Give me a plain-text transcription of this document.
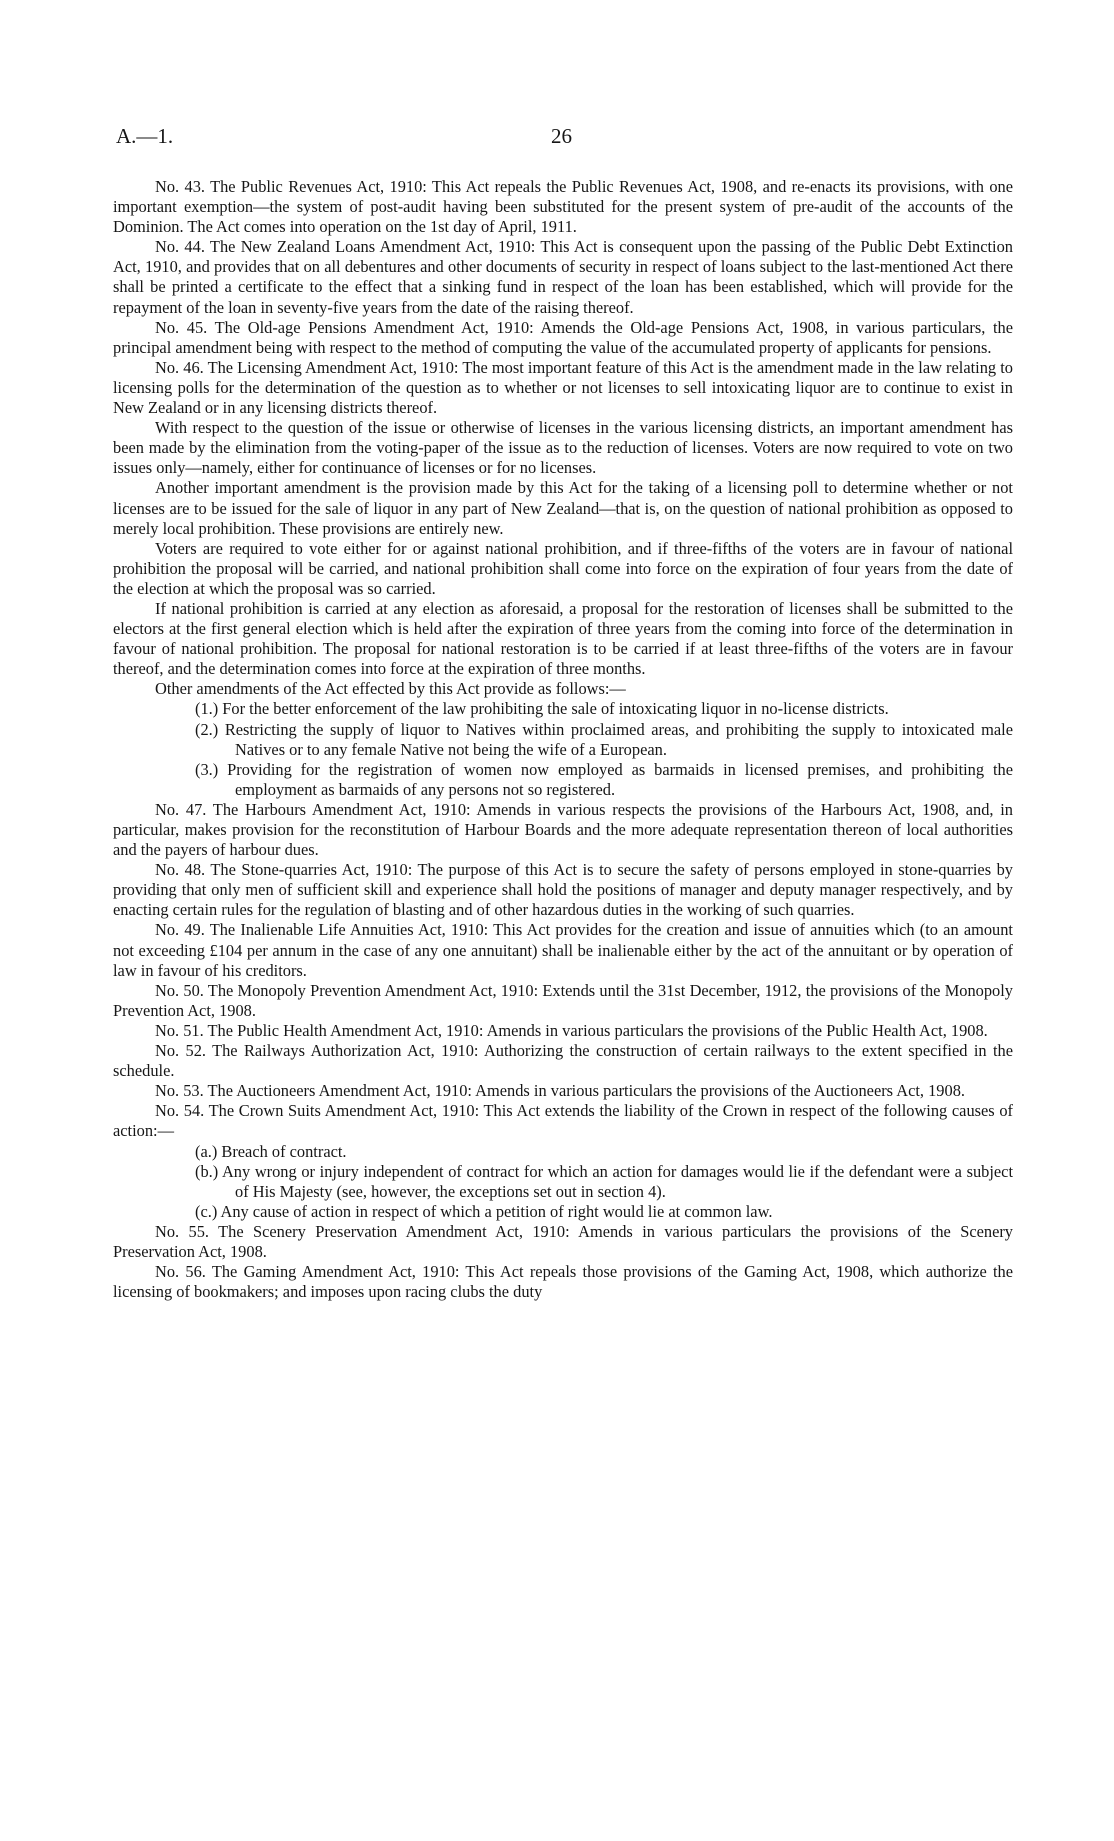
A.—1.	26

No. 43. The Public Revenues Act, 1910: This Act repeals the Public Revenues Act, 1908, and re-enacts its provisions, with one important exemption—the system of post-audit having been substituted for the present system of pre-audit of the accounts of the Dominion. The Act comes into operation on the 1st day of April, 1911.

No. 44. The New Zealand Loans Amendment Act, 1910: This Act is consequent upon the passing of the Public Debt Extinction Act, 1910, and provides that on all debentures and other documents of security in respect of loans subject to the last-mentioned Act there shall be printed a certificate to the effect that a sinking fund in respect of the loan has been established, which will provide for the repayment of the loan in seventy-five years from the date of the raising thereof.

No. 45. The Old-age Pensions Amendment Act, 1910: Amends the Old-age Pensions Act, 1908, in various particulars, the principal amendment being with respect to the method of computing the value of the accumulated property of applicants for pensions.

No. 46. The Licensing Amendment Act, 1910: The most important feature of this Act is the amendment made in the law relating to licensing polls for the determination of the question as to whether or not licenses to sell intoxicating liquor are to continue to exist in New Zealand or in any licensing districts thereof.

With respect to the question of the issue or otherwise of licenses in the various licensing districts, an important amendment has been made by the elimination from the voting-paper of the issue as to the reduction of licenses. Voters are now required to vote on two issues only—namely, either for continuance of licenses or for no licenses.

Another important amendment is the provision made by this Act for the taking of a licensing poll to determine whether or not licenses are to be issued for the sale of liquor in any part of New Zealand—that is, on the question of national prohibition as opposed to merely local prohibition. These provisions are entirely new.

Voters are required to vote either for or against national prohibition, and if three-fifths of the voters are in favour of national prohibition the proposal will be carried, and national prohibition shall come into force on the expiration of four years from the date of the election at which the proposal was so carried.

If national prohibition is carried at any election as aforesaid, a proposal for the restoration of licenses shall be submitted to the electors at the first general election which is held after the expiration of three years from the coming into force of the determination in favour of national prohibition. The proposal for national restoration is to be carried if at least three-fifths of the voters are in favour thereof, and the determination comes into force at the expiration of three months.

Other amendments of the Act effected by this Act provide as follows:—

(1.) For the better enforcement of the law prohibiting the sale of intoxicating liquor in no-license districts.

(2.) Restricting the supply of liquor to Natives within proclaimed areas, and prohibiting the supply to intoxicated male Natives or to any female Native not being the wife of a European.

(3.) Providing for the registration of women now employed as barmaids in licensed premises, and prohibiting the employment as barmaids of any persons not so registered.

No. 47. The Harbours Amendment Act, 1910: Amends in various respects the provisions of the Harbours Act, 1908, and, in particular, makes provision for the reconstitution of Harbour Boards and the more adequate representation thereon of local authorities and the payers of harbour dues.

No. 48. The Stone-quarries Act, 1910: The purpose of this Act is to secure the safety of persons employed in stone-quarries by providing that only men of sufficient skill and experience shall hold the positions of manager and deputy manager respectively, and by enacting certain rules for the regulation of blasting and of other hazardous duties in the working of such quarries.

No. 49. The Inalienable Life Annuities Act, 1910: This Act provides for the creation and issue of annuities which (to an amount not exceeding £104 per annum in the case of any one annuitant) shall be inalienable either by the act of the annuitant or by operation of law in favour of his creditors.

No. 50. The Monopoly Prevention Amendment Act, 1910: Extends until the 31st December, 1912, the provisions of the Monopoly Prevention Act, 1908.

No. 51. The Public Health Amendment Act, 1910: Amends in various particulars the provisions of the Public Health Act, 1908.

No. 52. The Railways Authorization Act, 1910: Authorizing the construction of certain railways to the extent specified in the schedule.

No. 53. The Auctioneers Amendment Act, 1910: Amends in various particulars the provisions of the Auctioneers Act, 1908.

No. 54. The Crown Suits Amendment Act, 1910: This Act extends the liability of the Crown in respect of the following causes of action:—

(a.) Breach of contract.

(b.) Any wrong or injury independent of contract for which an action for damages would lie if the defendant were a subject of His Majesty (see, however, the exceptions set out in section 4).

(c.) Any cause of action in respect of which a petition of right would lie at common law.

No. 55. The Scenery Preservation Amendment Act, 1910: Amends in various particulars the provisions of the Scenery Preservation Act, 1908.

No. 56. The Gaming Amendment Act, 1910: This Act repeals those provisions of the Gaming Act, 1908, which authorize the licensing of bookmakers; and imposes upon racing clubs the duty
